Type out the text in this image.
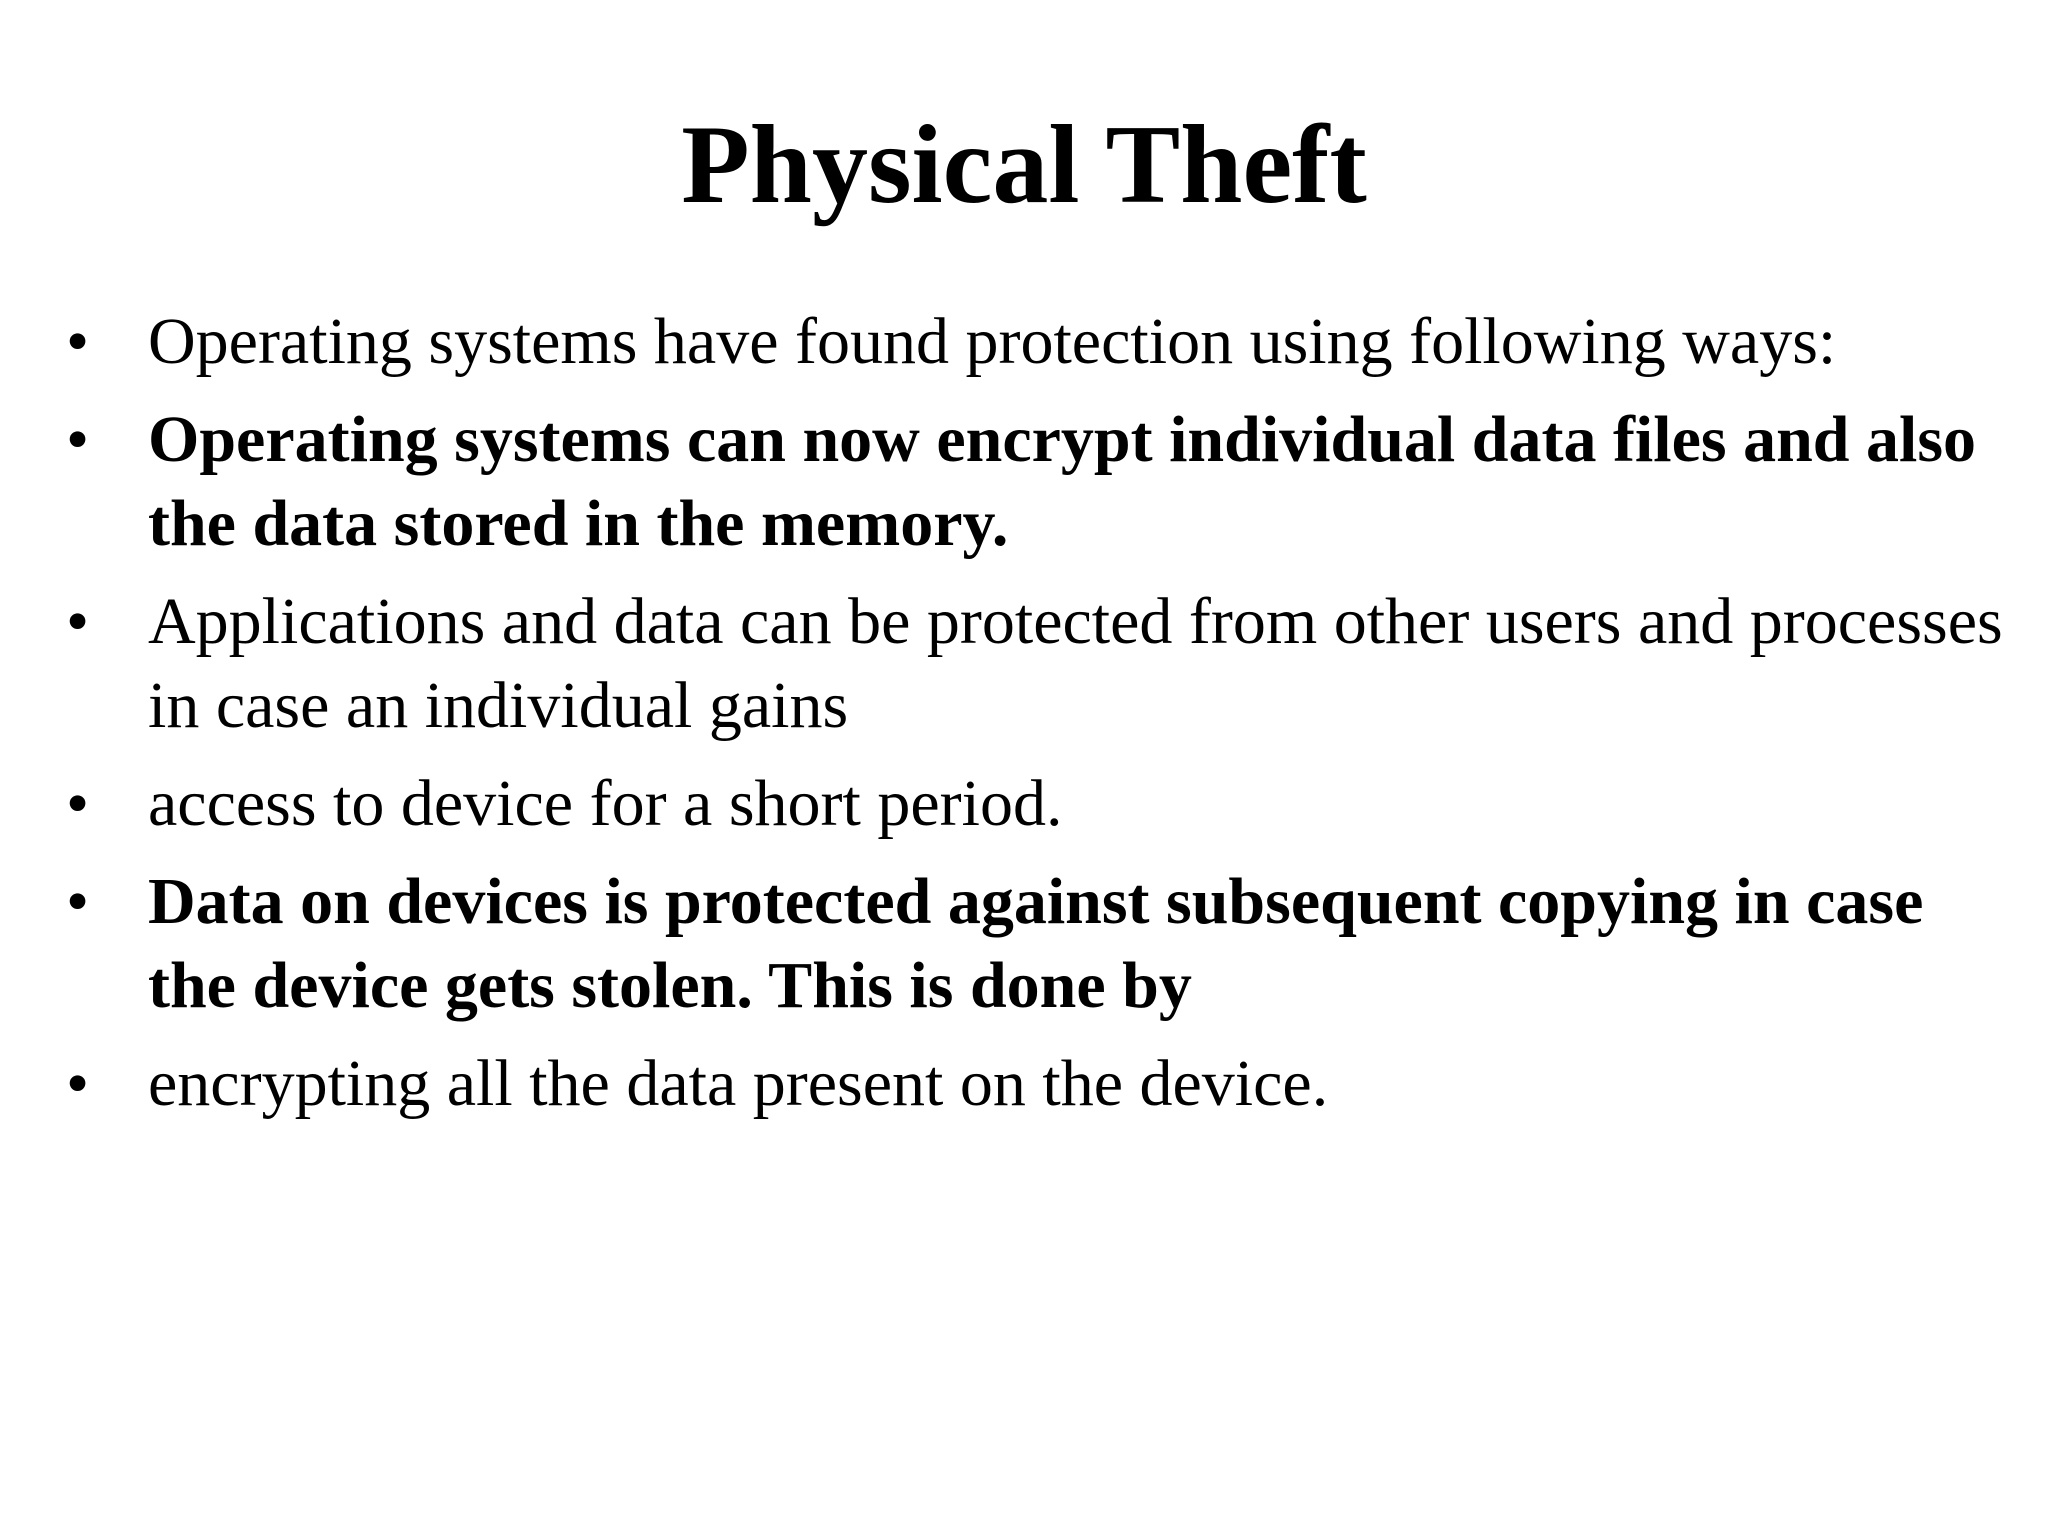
Physical Theft
• Operating systems have found protection using following ways:
• Operating systems can now encrypt individual data files and also the data stored in the memory.
• Applications and data can be protected from other users and processes in case an individual gains
• access to device for a short period.
• Data on devices is protected against subsequent copying in case the device gets stolen. This is done by
• encrypting all the data present on the device.
